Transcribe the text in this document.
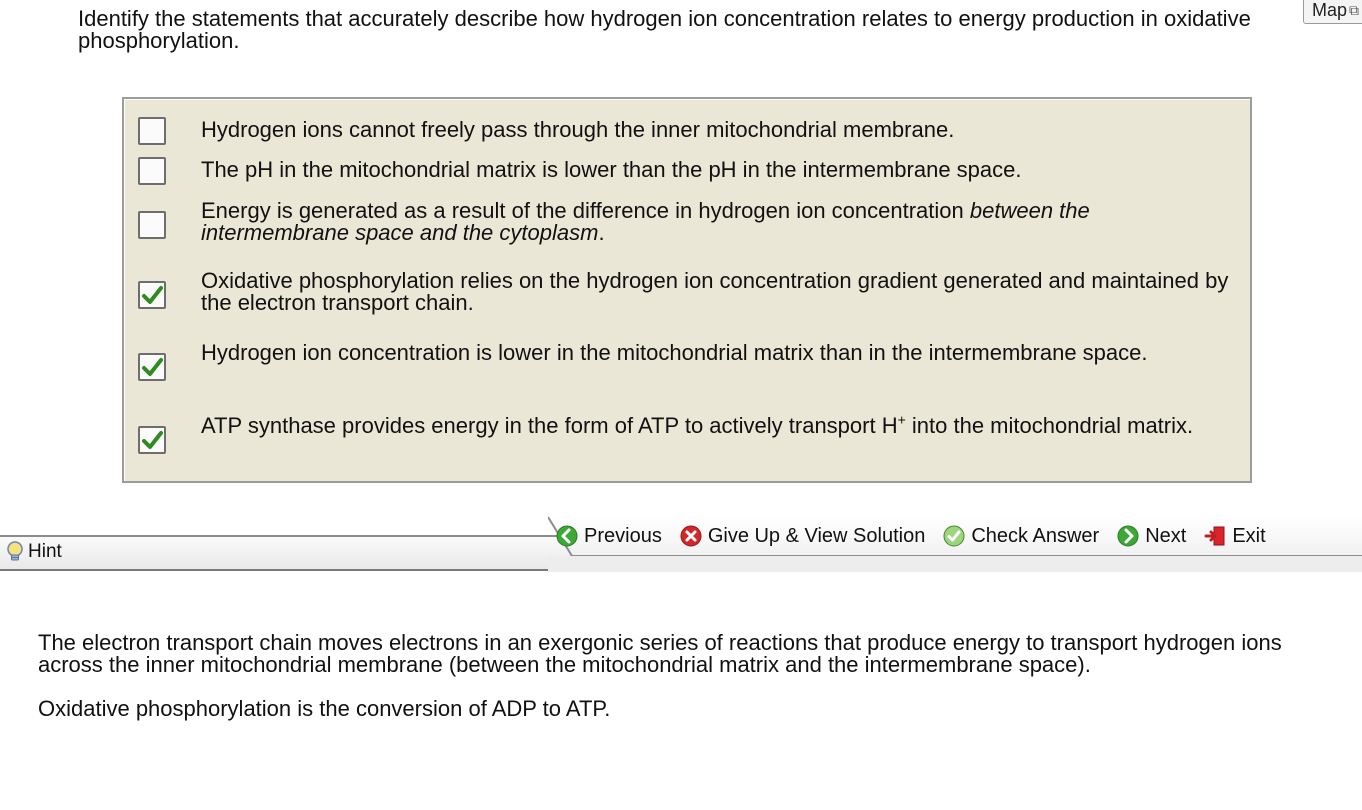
Identify the statements that accurately describe how hydrogen ion concentration relates to energy production in oxidative phosphorylation.
Map ⧉
Hydrogen ions cannot freely pass through the inner mitochondrial membrane.
The pH in the mitochondrial matrix is lower than the pH in the intermembrane space.
Energy is generated as a result of the difference in hydrogen ion concentration between the intermembrane space and the cytoplasm.
Oxidative phosphorylation relies on the hydrogen ion concentration gradient generated and maintained by the electron transport chain.
Hydrogen ion concentration is lower in the mitochondrial matrix than in the intermembrane space.
ATP synthase provides energy in the form of ATP to actively transport H+ into the mitochondrial matrix.
Hint
Previous Give Up & View Solution Check Answer Next Exit

The electron transport chain moves electrons in an exergonic series of reactions that produce energy to transport hydrogen ions across the inner mitochondrial membrane (between the mitochondrial matrix and the intermembrane space).

Oxidative phosphorylation is the conversion of ADP to ATP.
